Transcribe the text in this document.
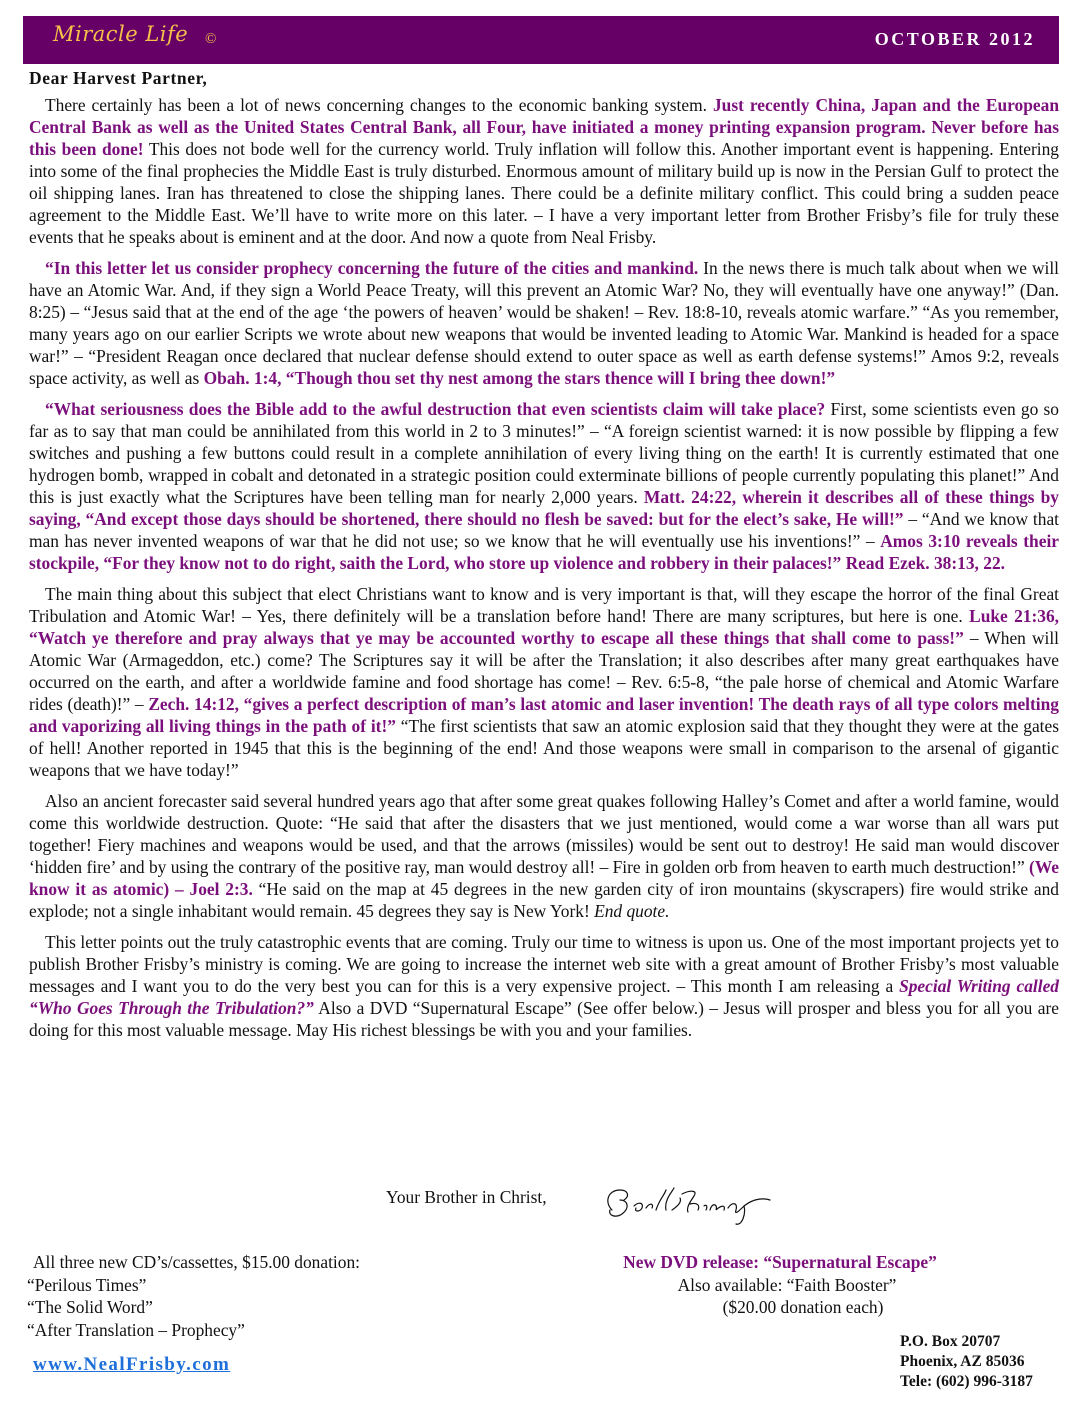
Miracle Life ©	OCTOBER 2012
Dear Harvest Partner,

There certainly has been a lot of news concerning changes to the economic banking system. Just recently China, Japan and the European Central Bank as well as the United States Central Bank, all Four, have initiated a money printing expansion program. Never before has this been done! This does not bode well for the currency world. Truly inflation will follow this. Another important event is happening. Entering into some of the final prophecies the Middle East is truly disturbed. Enormous amount of military build up is now in the Persian Gulf to protect the oil shipping lanes. Iran has threatened to close the shipping lanes. There could be a definite military conflict. This could bring a sudden peace agreement to the Middle East. We’ll have to write more on this later. – I have a very important letter from Brother Frisby’s file for truly these events that he speaks about is eminent and at the door. And now a quote from Neal Frisby.

“In this letter let us consider prophecy concerning the future of the cities and mankind. In the news there is much talk about when we will have an Atomic War. And, if they sign a World Peace Treaty, will this prevent an Atomic War? No, they will eventually have one anyway!” (Dan. 8:25) – “Jesus said that at the end of the age ‘the powers of heaven’ would be shaken! – Rev. 18:8-10, reveals atomic warfare.” “As you remember, many years ago on our earlier Scripts we wrote about new weapons that would be invented leading to Atomic War. Mankind is headed for a space war!” – “President Reagan once declared that nuclear defense should extend to outer space as well as earth defense systems!” Amos 9:2, reveals space activity, as well as Obah. 1:4, “Though thou set thy nest among the stars thence will I bring thee down!”

“What seriousness does the Bible add to the awful destruction that even scientists claim will take place? First, some scientists even go so far as to say that man could be annihilated from this world in 2 to 3 minutes!” – “A foreign scientist warned: it is now possible by flipping a few switches and pushing a few buttons could result in a complete annihilation of every living thing on the earth! It is currently estimated that one hydrogen bomb, wrapped in cobalt and detonated in a strategic position could exterminate billions of people currently populating this planet!” And this is just exactly what the Scriptures have been telling man for nearly 2,000 years. Matt. 24:22, wherein it describes all of these things by saying, “And except those days should be shortened, there should no flesh be saved: but for the elect’s sake, He will!” – “And we know that man has never invented weapons of war that he did not use; so we know that he will eventually use his inventions!” – Amos 3:10 reveals their stockpile, “For they know not to do right, saith the Lord, who store up violence and robbery in their palaces!” Read Ezek. 38:13, 22.

The main thing about this subject that elect Christians want to know and is very important is that, will they escape the horror of the final Great Tribulation and Atomic War! – Yes, there definitely will be a translation before hand! There are many scriptures, but here is one. Luke 21:36, “Watch ye therefore and pray always that ye may be accounted worthy to escape all these things that shall come to pass!” – When will Atomic War (Armageddon, etc.) come? The Scriptures say it will be after the Translation; it also describes after many great earthquakes have occurred on the earth, and after a worldwide famine and food shortage has come! – Rev. 6:5-8, “the pale horse of chemical and Atomic Warfare rides (death)!” – Zech. 14:12, “gives a perfect description of man’s last atomic and laser invention! The death rays of all type colors melting and vaporizing all living things in the path of it!” “The first scientists that saw an atomic explosion said that they thought they were at the gates of hell! Another reported in 1945 that this is the beginning of the end! And those weapons were small in comparison to the arsenal of gigantic weapons that we have today!”

Also an ancient forecaster said several hundred years ago that after some great quakes following Halley’s Comet and after a world famine, would come this worldwide destruction. Quote: “He said that after the disasters that we just mentioned, would come a war worse than all wars put together! Fiery machines and weapons would be used, and that the arrows (missiles) would be sent out to destroy! He said man would discover ‘hidden fire’ and by using the contrary of the positive ray, man would destroy all! – Fire in golden orb from heaven to earth much destruction!” (We know it as atomic) – Joel 2:3. “He said on the map at 45 degrees in the new garden city of iron mountains (skyscrapers) fire would strike and explode; not a single inhabitant would remain. 45 degrees they say is New York! End quote.

This letter points out the truly catastrophic events that are coming. Truly our time to witness is upon us. One of the most important projects yet to publish Brother Frisby’s ministry is coming. We are going to increase the internet web site with a great amount of Brother Frisby’s most valuable messages and I want you to do the very best you can for this is a very expensive project. – This month I am releasing a Special Writing called “Who Goes Through the Tribulation?” Also a DVD “Supernatural Escape” (See offer below.) – Jesus will prosper and bless you for all you are doing for this most valuable message. May His richest blessings be with you and your families.

Your Brother in Christ,
All three new CD’s/cassettes, $15.00 donation:
“Perilous Times”
“The Solid Word”
“After Translation – Prophecy”
New DVD release: “Supernatural Escape”
Also available: “Faith Booster”
($20.00 donation each)
www.NealFrisby.com
P.O. Box 20707
Phoenix, AZ 85036
Tele: (602) 996-3187
